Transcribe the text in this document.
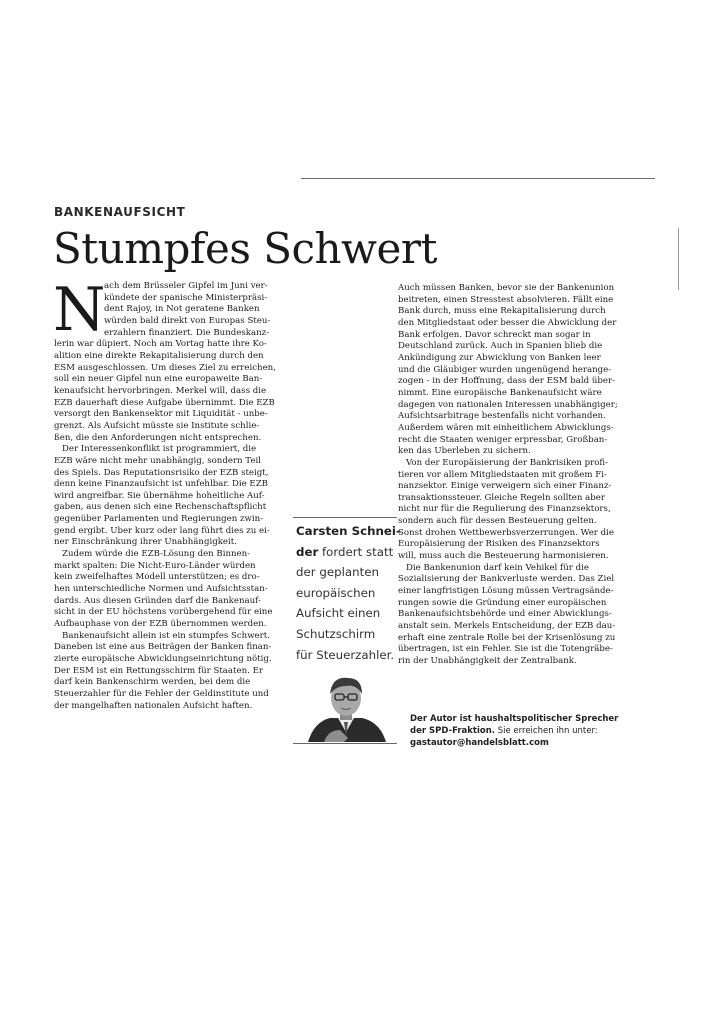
BANKENAUFSICHT
Stumpfes Schwert
N

ach dem Brüsseler Gipfel im Juni ver-

kündete der spanische Ministerpräsi-

dent Rajoy, in Not geratene Banken

würden bald direkt von Europas Steu-

erzahlern finanziert. Die Bundeskanz-

lerin war düpiert. Noch am Vortag hatte ihre Ko-

alition eine direkte Rekapitalisierung durch den

ESM ausgeschlossen. Um dieses Ziel zu erreichen,

soll ein neuer Gipfel nun eine europaweite Ban-

kenaufsicht hervorbringen. Merkel will, dass die

EZB dauerhaft diese Aufgabe übernimmt. Die EZB

versorgt den Bankensektor mit Liquidität - unbe-

grenzt. Als Aufsicht müsste sie Institute schlie-

ßen, die den Anforderungen nicht entsprechen.

Der Interessenkonflikt ist programmiert, die

EZB wäre nicht mehr unabhängig, sondern Teil

des Spiels. Das Reputationsrisiko der EZB steigt,

denn keine Finanzaufsicht ist unfehlbar. Die EZB

wird angreifbar. Sie übernähme hoheitliche Auf-

gaben, aus denen sich eine Rechenschaftspflicht

gegenüber Parlamenten und Regierungen zwin-

gend ergibt. Über kurz oder lang führt dies zu ei-

ner Einschränkung ihrer Unabhängigkeit.

Zudem würde die EZB-Lösung den Binnen-

markt spalten: Die Nicht-Euro-Länder würden

kein zweifelhaftes Modell unterstützen; es dro-

hen unterschiedliche Normen und Aufsichtsstan-

dards. Aus diesen Gründen darf die Bankenauf-

sicht in der EU höchstens vorübergehend für eine

Aufbauphase von der EZB übernommen werden.

Bankenaufsicht allein ist ein stumpfes Schwert.

Daneben ist eine aus Beiträgen der Banken finan-

zierte europäische Abwicklungseinrichtung nötig.

Der ESM ist ein Rettungsschirm für Staaten. Er

darf kein Bankenschirm werden, bei dem die

Steuerzahler für die Fehler der Geldinstitute und

der mangelhaften nationalen Aufsicht haften.

Carsten Schnei-

der fordert statt

der geplanten

europäischen

Aufsicht einen

Schutzschirm

für Steuerzahler.

Auch müssen Banken, bevor sie der Bankenunion

beitreten, einen Stresstest absolvieren. Fällt eine

Bank durch, muss eine Rekapitalisierung durch

den Mitgliedstaat oder besser die Abwicklung der

Bank erfolgen. Davor schreckt man sogar in

Deutschland zurück. Auch in Spanien blieb die

Ankündigung zur Abwicklung von Banken leer

und die Gläubiger wurden ungenügend herange-

zogen - in der Hoffnung, dass der ESM bald über-

nimmt. Eine europäische Bankenaufsicht wäre

dagegen von nationalen Interessen unabhängiger;

Aufsichtsarbitrage bestenfalls nicht vorhanden.

Außerdem wären mit einheitlichem Abwicklungs-

recht die Staaten weniger erpressbar, Großban-

ken das Überleben zu sichern.

Von der Europäisierung der Bankrisiken profi-

tieren vor allem Mitgliedstaaten mit großem Fi-

nanzsektor. Einige verweigern sich einer Finanz-

transaktionssteuer. Gleiche Regeln sollten aber

nicht nur für die Regulierung des Finanzsektors,

sondern auch für dessen Besteuerung gelten.

Sonst drohen Wettbewerbsverzerrungen. Wer die

Europäisierung der Risiken des Finanzsektors

will, muss auch die Besteuerung harmonisieren.

Die Bankenunion darf kein Vehikel für die

Sozialisierung der Bankverluste werden. Das Ziel

einer langfristigen Lösung müssen Vertragsände-

rungen sowie die Gründung einer europäischen

Bankenaufsichtsbehörde und einer Abwicklungs-

anstalt sein. Merkels Entscheidung, der EZB dau-

erhaft eine zentrale Rolle bei der Krisenlösung zu

übertragen, ist ein Fehler. Sie ist die Totengräbe-

rin der Unabhängigkeit der Zentralbank.

Der Autor ist haushaltspolitischer Sprecher

der SPD-Fraktion. Sie erreichen ihn unter:

gastautor@handelsblatt.com
